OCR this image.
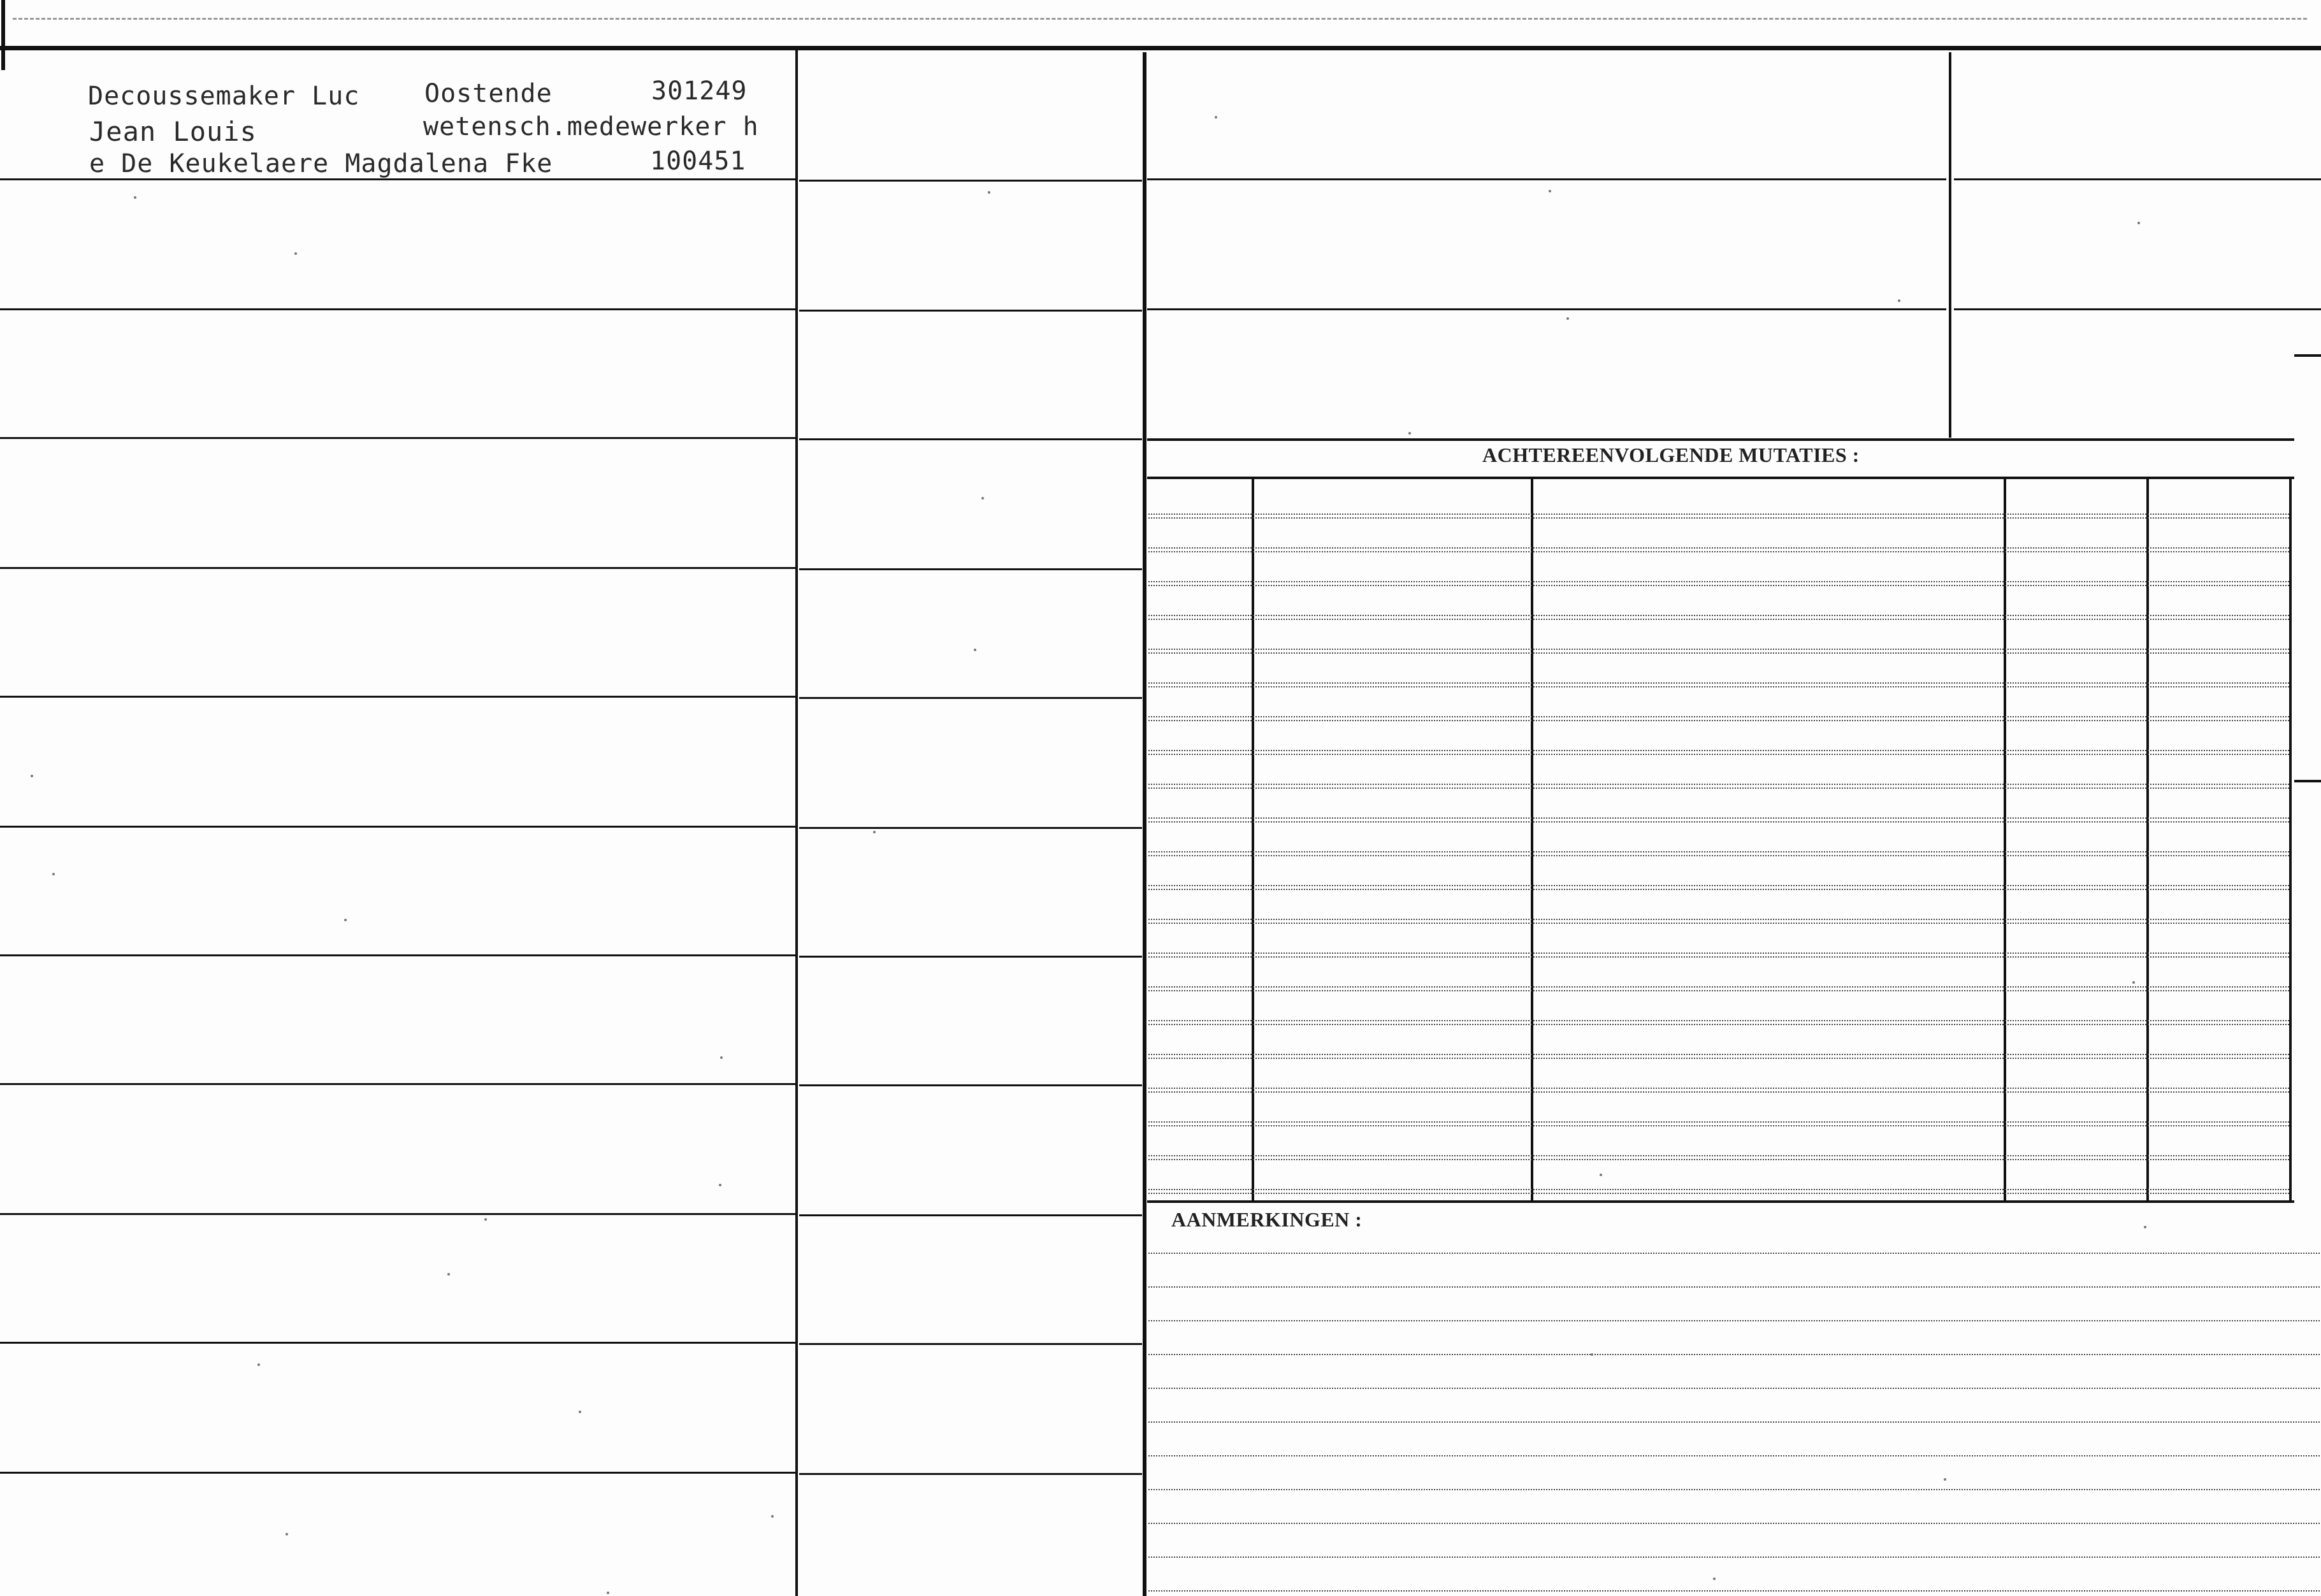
Decoussemaker Luc
Jean Louis
Oostende	301249
wetensch.medewerker h
e De Keukelaere Magdalena Fke	100451
ACHTEREENVOLGENDE MUTATIES :
AANMERKINGEN :
